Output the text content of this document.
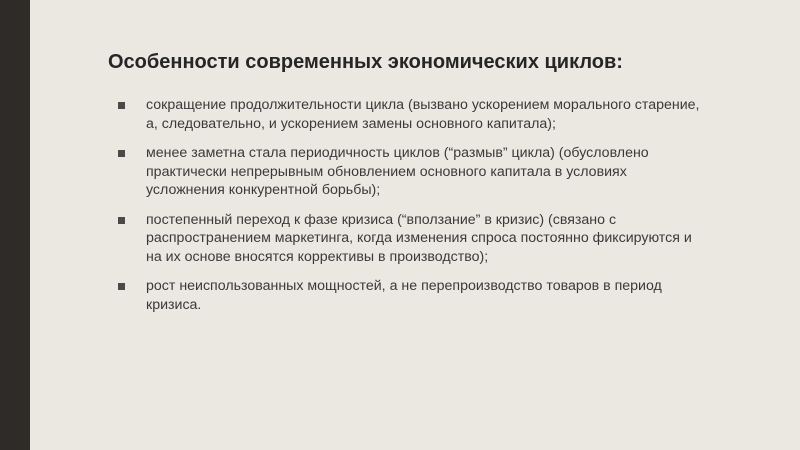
Особенности современных экономических циклов:
сокращение продолжительности цикла (вызвано ускорением морального старение, а, следовательно, и ускорением замены основного капитала);
менее заметна стала периодичность циклов (“размыв” цикла) (обусловлено практически непрерывным обновлением основного капитала в условиях усложнения конкурентной борьбы);
постепенный переход к фазе кризиса (“вползание” в кризис) (связано с распространением маркетинга, когда изменения спроса постоянно фиксируются и на их основе вносятся коррективы в производство);
рост неиспользованных мощностей, а не перепроизводство товаров в период кризиса.
